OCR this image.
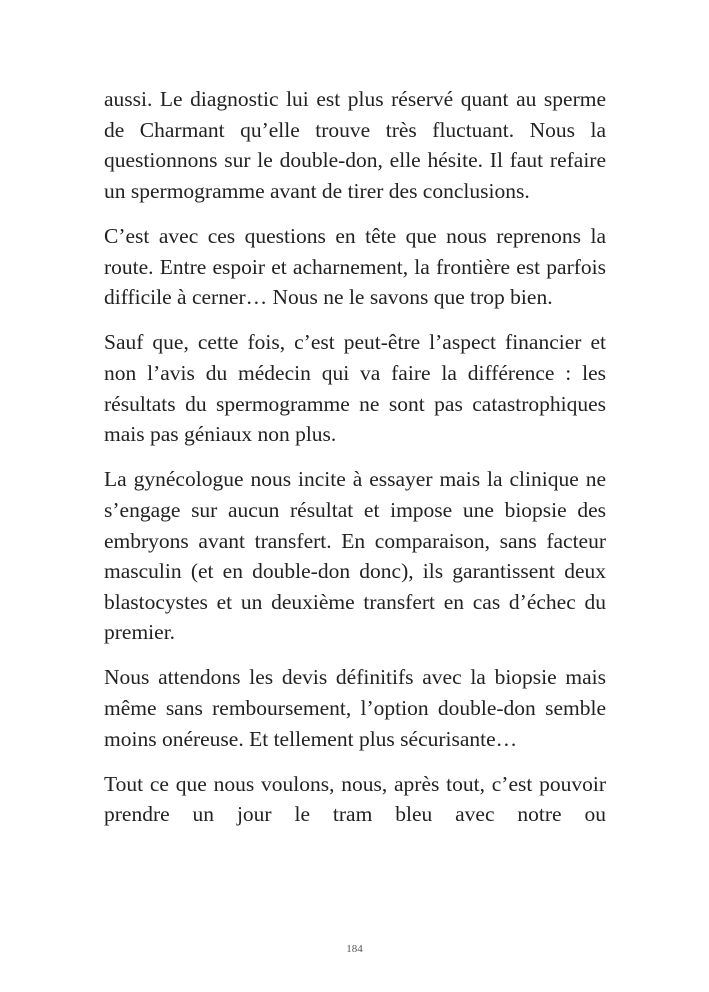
aussi. Le diagnostic lui est plus réservé quant au sperme de Charmant qu’elle trouve très fluctuant. Nous la questionnons sur le double-don, elle hésite. Il faut refaire un spermogramme avant de tirer des conclusions.

C’est avec ces questions en tête que nous reprenons la route. Entre espoir et acharnement, la frontière est parfois difficile à cerner… Nous ne le savons que trop bien.

Sauf que, cette fois, c’est peut-être l’aspect financier et non l’avis du médecin qui va faire la différence : les résultats du spermogramme ne sont pas catastrophiques mais pas géniaux non plus.

La gynécologue nous incite à essayer mais la clinique ne s’engage sur aucun résultat et impose une biopsie des embryons avant transfert. En comparaison, sans facteur masculin (et en double-don donc), ils garantissent deux blastocystes et un deuxième transfert en cas d’échec du premier.

Nous attendons les devis définitifs avec la biopsie mais même sans remboursement, l’option double-don semble moins onéreuse. Et tellement plus sécurisante…

Tout ce que nous voulons, nous, après tout, c’est pouvoir prendre un jour le tram bleu avec notre ou

184
